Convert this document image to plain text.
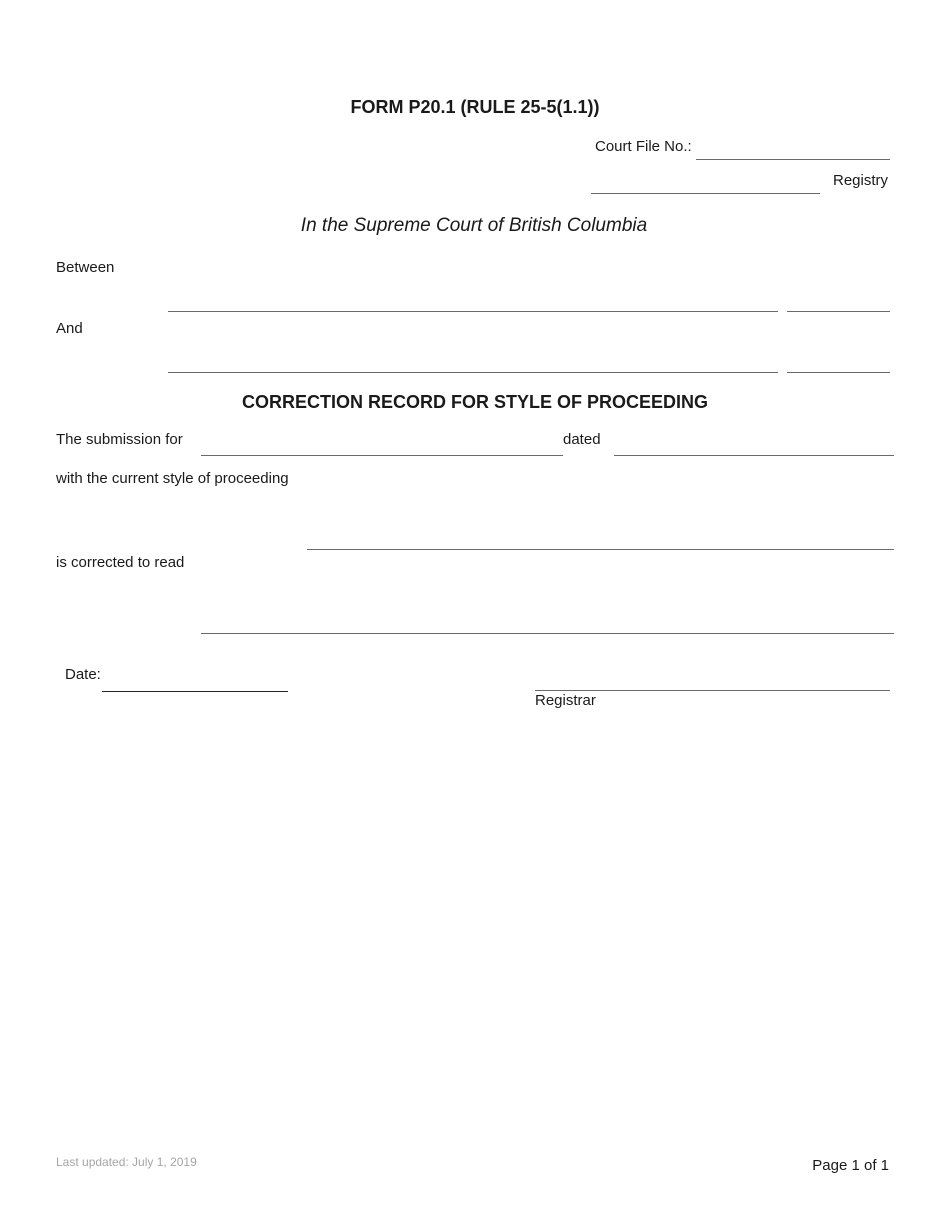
FORM P20.1 (RULE 25-5(1.1))
Court File No.:
Registry
In the Supreme Court of British Columbia
Between
And
CORRECTION RECORD FOR STYLE OF PROCEEDING
The submission for	dated
with the current style of proceeding
is corrected to read
Date:
Registrar
Last updated: July 1, 2019	Page 1 of 1
